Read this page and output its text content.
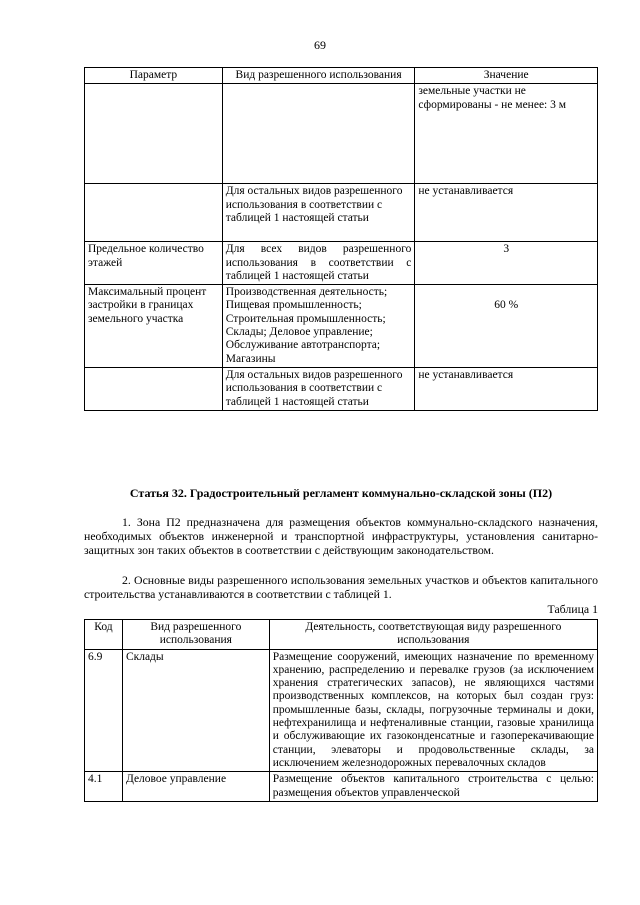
69
Параметр	Вид разрешенного использования	Значение
		земельные участки не сформированы - не менее: 3 м
	Для остальных видов разрешенного использования в соответствии с таблицей 1 настоящей статьи	не устанавливается
Предельное количество этажей	Для всех видов разрешенного использования в соответствии с таблицей 1 настоящей статьи	3
Максимальный процент застройки в границах земельного участка	Производственная деятельность; Пищевая промышленность; Строительная промышленность; Склады; Деловое управление; Обслуживание автотранспорта; Магазины	60 %
	Для остальных видов разрешенного использования в соответствии с таблицей 1 настоящей статьи	не устанавливается
Статья 32. Градостроительный регламент коммунально-складской зоны (П2)
1. Зона П2 предназначена для размещения объектов коммунально-складского назначения, необходимых объектов инженерной и транспортной инфраструктуры, установления санитарно-защитных зон таких объектов в соответствии с действующим законодательством.
2. Основные виды разрешенного использования земельных участков и объектов капитального строительства устанавливаются в соответствии с таблицей 1.
Таблица 1
Код	Вид разрешенного использования	Деятельность, соответствующая виду разрешенного использования
6.9	Склады	Размещение сооружений, имеющих назначение по временному хранению, распределению и перевалке грузов (за исключением хранения стратегических запасов), не являющихся частями производственных комплексов, на которых был создан груз: промышленные базы, склады, погрузочные терминалы и доки, нефтехранилища и нефтеналивные станции, газовые хранилища и обслуживающие их газоконденсатные и газоперекачивающие станции, элеваторы и продовольственные склады, за исключением железнодорожных перевалочных складов
4.1	Деловое управление	Размещение объектов капитального строительства с целью: размещения объектов управленческой
